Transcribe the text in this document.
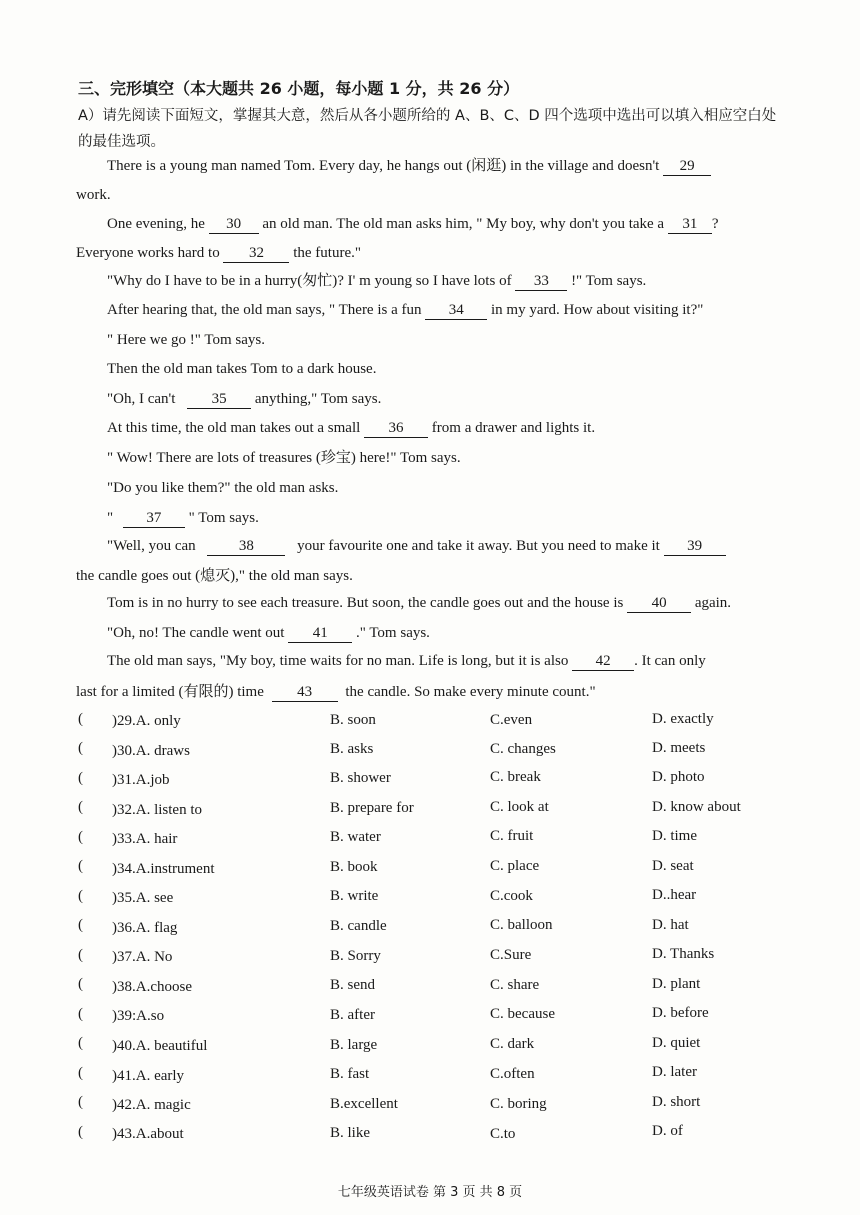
三、完形填空（本大题共 26 小题，每小题 1 分，共 26 分）
A）请先阅读下面短文，掌握其大意，然后从各小题所给的 A、B、C、D 四个选项中选出可以填入相应空白处的最佳选项。
There is a young man named Tom. Every day, he hangs out (闲逛) in the village and doesn't 29
work.
One evening, he 30 an old man. The old man asks him, " My boy, why don't you take a 31 ?
Everyone works hard to 32 the future."
"Why do I have to be in a hurry(匆忙)? I' m young so I have lots of 33 !" Tom says.
After hearing that, the old man says, " There is a fun 34 in my yard. How about visiting it?"
" Here we go !" Tom says.
Then the old man takes Tom to a dark house.
"Oh, I can't 35 anything," Tom says.
At this time, the old man takes out a small 36 from a drawer and lights it.
" Wow! There are lots of treasures (珍宝) here!" Tom says.
"Do you like them?" the old man asks.
" 37 " Tom says.
"Well, you can	38	your favourite one and take it away. But you need to make it 39
the candle goes out (熄灭)," the old man says.
Tom is in no hurry to see each treasure. But soon, the candle goes out and the house is 40 again.
"Oh, no! The candle went out 41 ." Tom says.
The old man says, "My boy, time waits for no man. Life is long, but it is also 42 . It can only
last for a limited (有限的) time 43 the candle. So make every minute count."
( )29.A. only	B. soon	C.even	D. exactly
( )30.A. draws	B. asks	C. changes	D. meets
( )31.A.job	B. shower	C. break	D. photo
( )32.A. listen to	B. prepare for	C. look at	D. know about
( )33.A. hair	B. water	C. fruit	D. time
( )34.A.instrument	B. book	C. place	D. seat
( )35.A. see	B. write	C.cook	D..hear
( )36.A. flag	B. candle	C. balloon	D. hat
( )37.A. No	B. Sorry	C.Sure	D. Thanks
( )38.A.choose	B. send	C. share	D. plant
( )39:A.so	B. after	C. because	D. before
( )40.A. beautiful	B. large	C. dark	D. quiet
( )41.A. early	B. fast	C.often	D. later
( )42.A. magic	B.excellent	C. boring	D. short
( )43.A.about	B. like	C.to	D. of
七年级英语试卷 第 3 页 共 8 页
